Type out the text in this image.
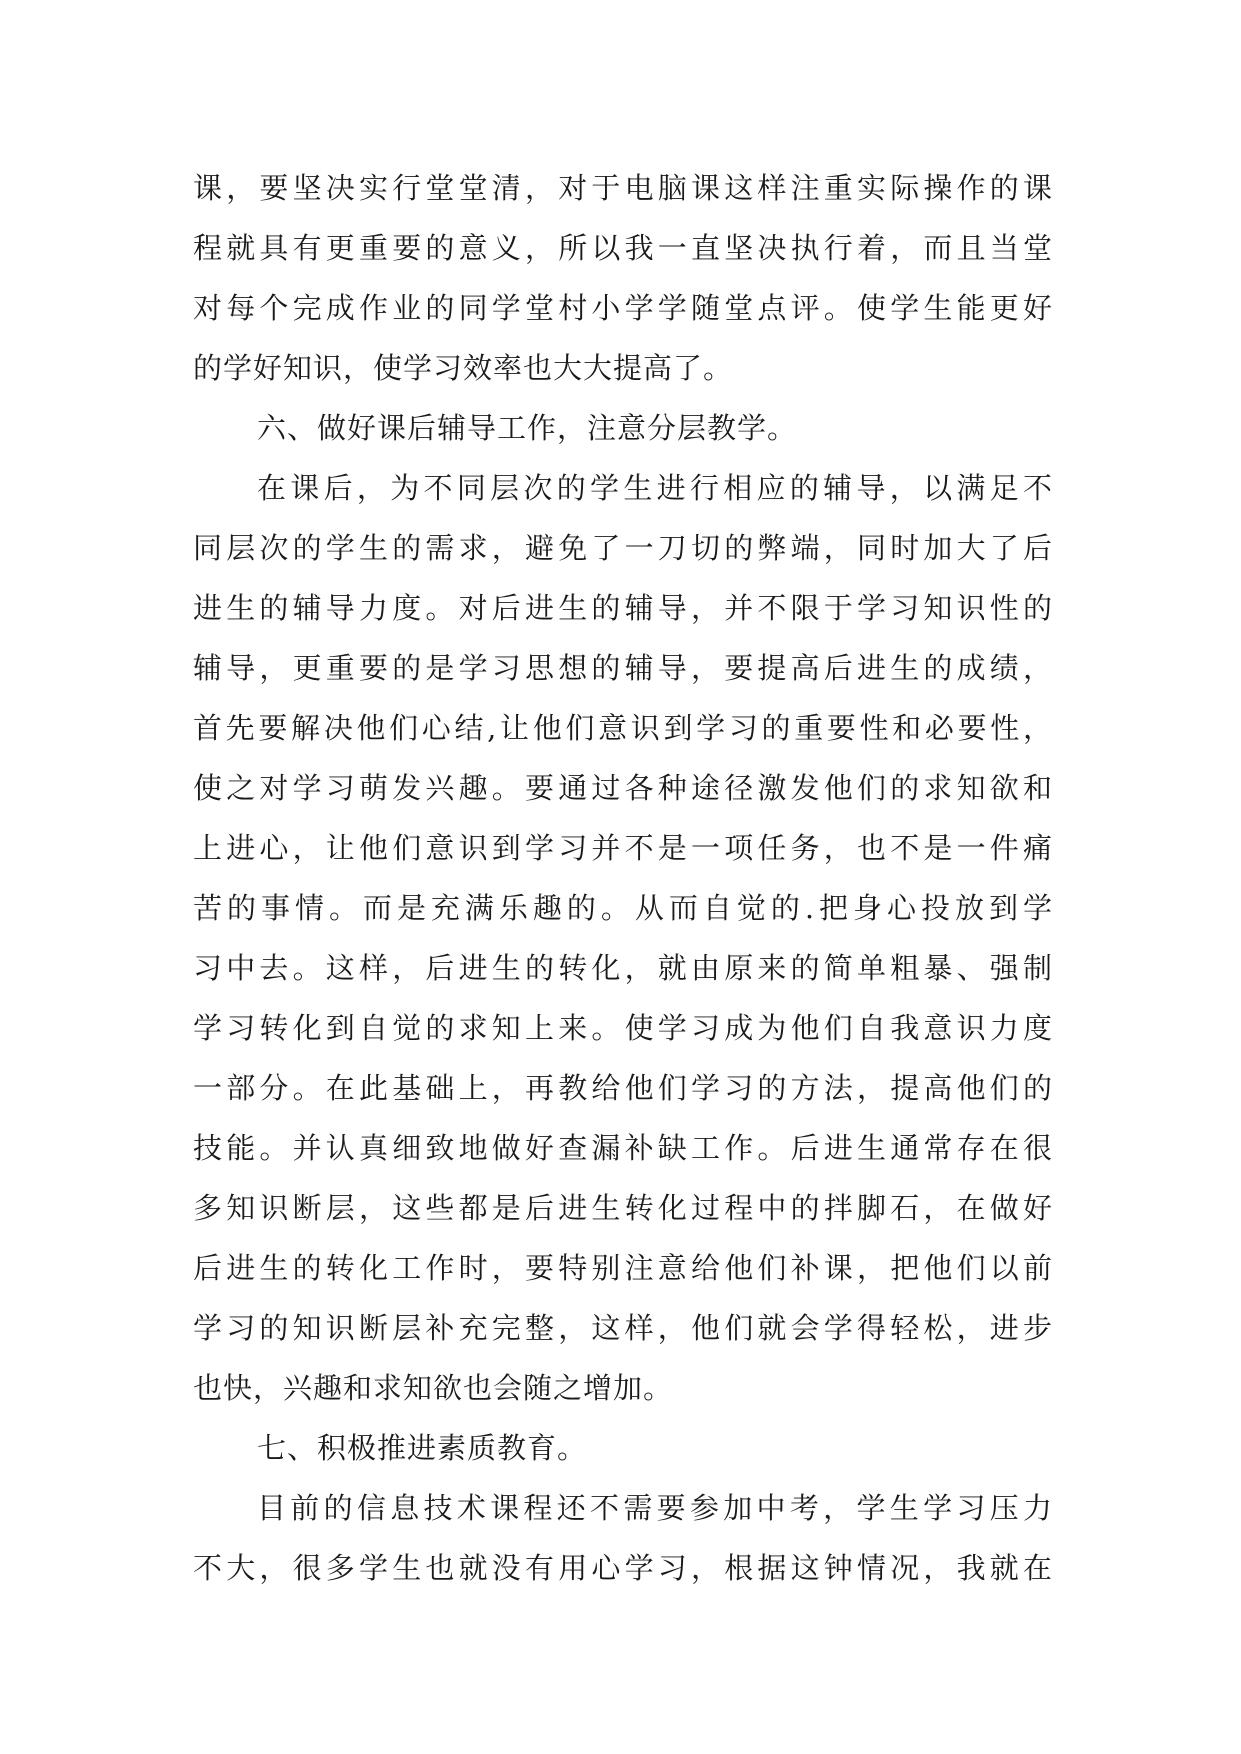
课，要坚决实行堂堂清，对于电脑课这样注重实际操作的课
程就具有更重要的意义，所以我一直坚决执行着，而且当堂
对每个完成作业的同学堂村小学学随堂点评。使学生能更好
的学好知识，使学习效率也大大提高了。
六、做好课后辅导工作，注意分层教学。
在课后，为不同层次的学生进行相应的辅导，以满足不
同层次的学生的需求，避免了一刀切的弊端，同时加大了后
进生的辅导力度。对后进生的辅导，并不限于学习知识性的
辅导，更重要的是学习思想的辅导，要提高后进生的成绩，
首先要解决他们心结,让他们意识到学习的重要性和必要性，
使之对学习萌发兴趣。要通过各种途径激发他们的求知欲和
上进心，让他们意识到学习并不是一项任务，也不是一件痛
苦的事情。而是充满乐趣的。从而自觉的.把身心投放到学
习中去。这样，后进生的转化，就由原来的简单粗暴、强制
学习转化到自觉的求知上来。使学习成为他们自我意识力度
一部分。在此基础上，再教给他们学习的方法，提高他们的
技能。并认真细致地做好查漏补缺工作。后进生通常存在很
多知识断层，这些都是后进生转化过程中的拌脚石，在做好
后进生的转化工作时，要特别注意给他们补课，把他们以前
学习的知识断层补充完整，这样，他们就会学得轻松，进步
也快，兴趣和求知欲也会随之增加。
七、积极推进素质教育。
目前的信息技术课程还不需要参加中考，学生学习压力
不大，很多学生也就没有用心学习，根据这钟情况，我就在
